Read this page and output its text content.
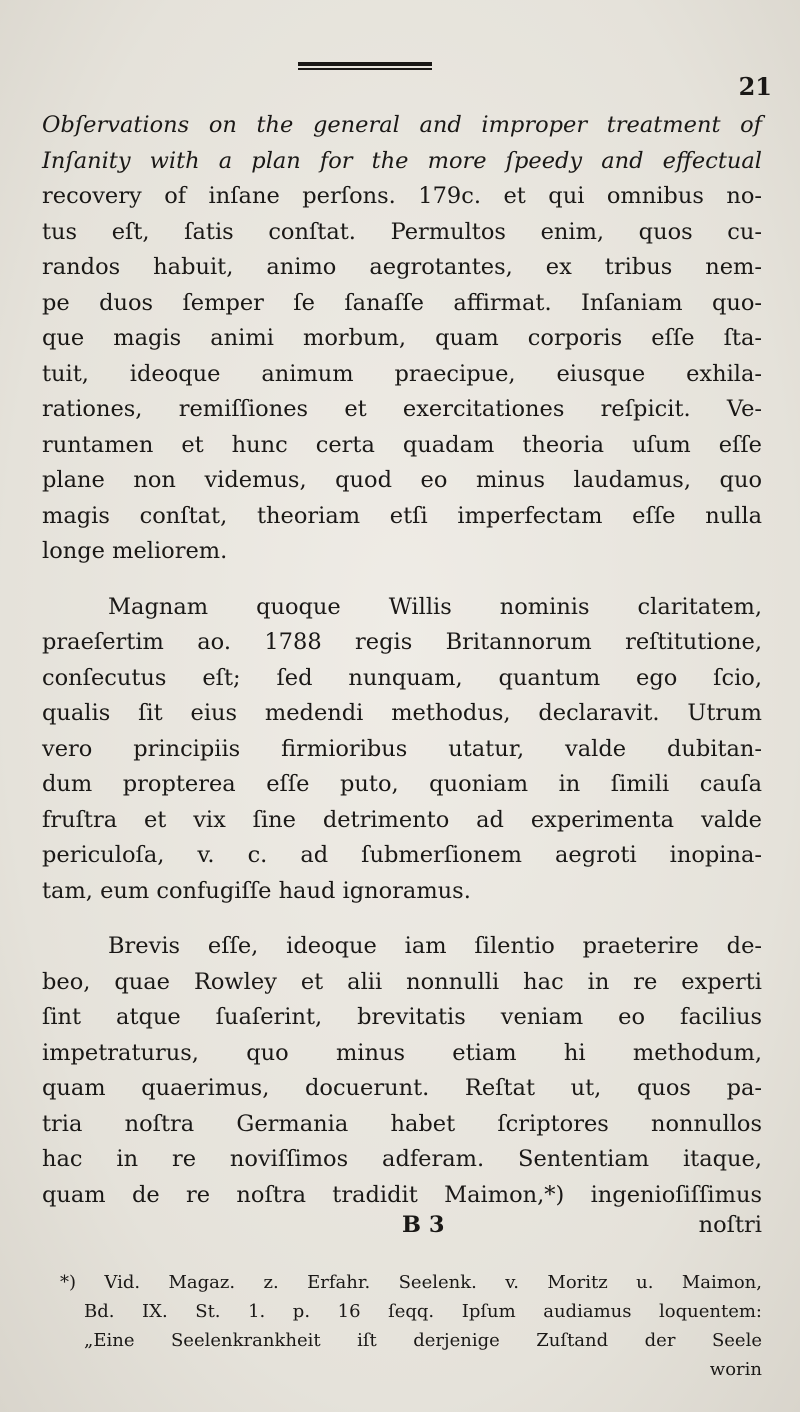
21
Obſervations on the general and improper treatment of
Inſanity with a plan for the more ſpeedy and effectual
recovery of inſane perſons. 179c. et qui omnibus no-
tus eſt, ſatis conſtat. Permultos enim, quos cu-
randos habuit, animo aegrotantes, ex tribus nem-
pe duos ſemper ſe ſanaſſe affirmat. Inſaniam quo-
que magis animi morbum, quam corporis eſſe ſta-
tuit, ideoque animum praecipue, eiusque exhila-
rationes, remiſſiones et exercitationes reſpicit. Ve-
runtamen et hunc certa quadam theoria uſum eſſe
plane non videmus, quod eo minus laudamus, quo
magis conſtat, theoriam etſi imperfectam eſſe nulla
longe meliorem.
Magnam quoque Willis nominis claritatem,
praeſertim ao. 1788 regis Britannorum reſtitutione,
conſecutus eſt; ſed nunquam, quantum ego ſcio,
qualis ſit eius medendi methodus, declaravit. Utrum
vero principiis firmioribus utatur, valde dubitan-
dum propterea eſſe puto, quoniam in ſimili cauſa
fruſtra et vix ſine detrimento ad experimenta valde
periculoſa, v. c. ad ſubmerſionem aegroti inopina-
tam, eum confugiſſe haud ignoramus.
Brevis eſſe, ideoque iam ſilentio praeterire de-
beo, quae Rowley et alii nonnulli hac in re experti
ſint atque ſuaſerint, brevitatis veniam eo facilius
impetraturus, quo minus etiam hi methodum,
quam quaerimus, docuerunt. Reſtat ut, quos pa-
tria noſtra Germania habet ſcriptores nonnullos
hac in re noviſſimos adferam. Sententiam itaque,
quam de re noſtra tradidit Maimon,*) ingenioſiſſimus
B 3	noſtri
*) Vid. Magaz. z. Erfahr. Seelenk. v. Moritz u. Maimon,
Bd. IX. St. 1. p. 16 ſeqq. Ipſum audiamus loquentem:
„Eine Seelenkrankheit iſt derjenige Zuſtand der Seele
worin
